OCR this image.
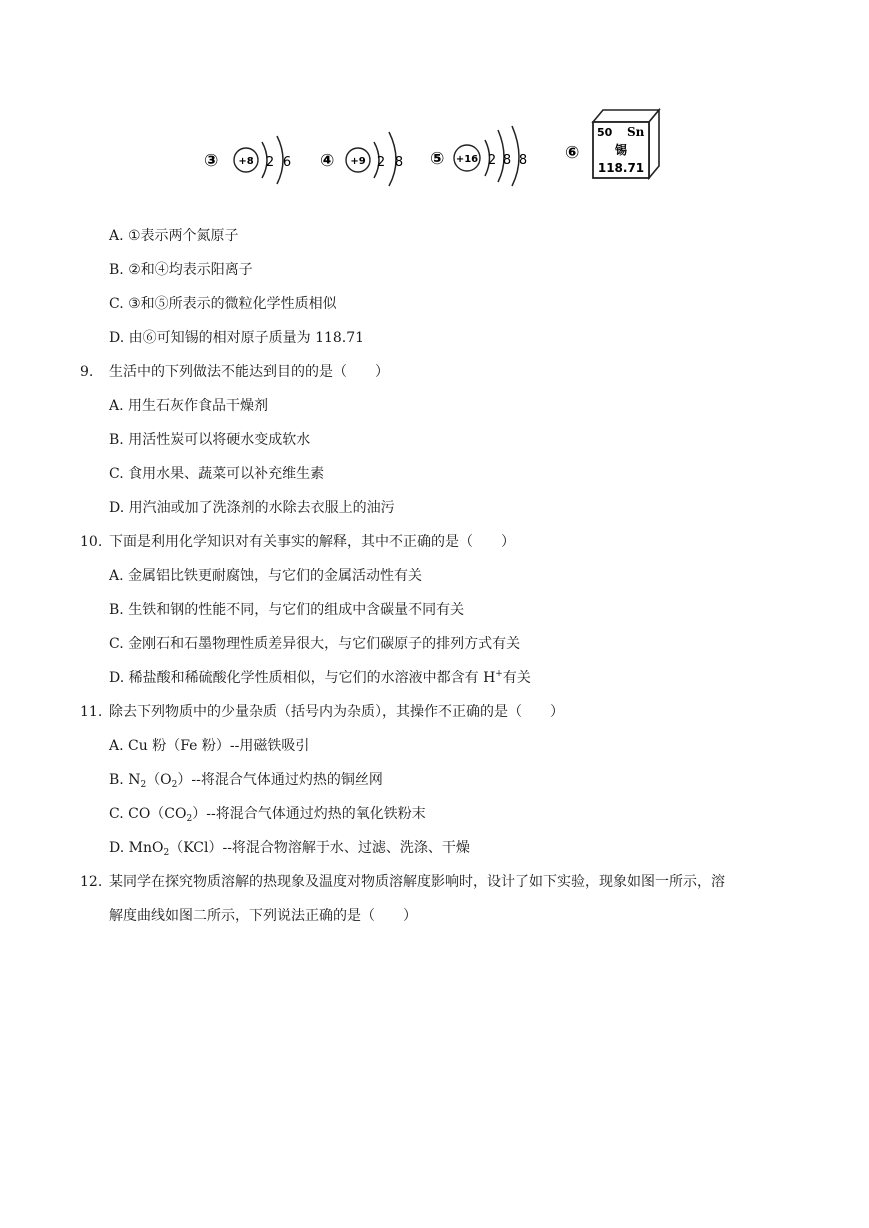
③ +8 2 6 ④ +9 2 8 ⑤ +16 2 8 8 ⑥
50 Sn
锡
118.71
A. ①表示两个氮原子
B. ②和④均表示阳离子
C. ③和⑤所表示的微粒化学性质相似
D. 由⑥可知锡的相对原子质量为 118.71
9. 生活中的下列做法不能达到目的的是（　　）
A. 用生石灰作食品干燥剂
B. 用活性炭可以将硬水变成软水
C. 食用水果、蔬菜可以补充维生素
D. 用汽油或加了洗涤剂的水除去衣服上的油污
10. 下面是利用化学知识对有关事实的解释，其中不正确的是（　　）
A. 金属铝比铁更耐腐蚀，与它们的金属活动性有关
B. 生铁和钢的性能不同，与它们的组成中含碳量不同有关
C. 金刚石和石墨物理性质差异很大，与它们碳原子的排列方式有关
D. 稀盐酸和稀硫酸化学性质相似，与它们的水溶液中都含有 H+有关
11. 除去下列物质中的少量杂质（括号内为杂质），其操作不正确的是（　　）
A. Cu 粉（Fe 粉）--用磁铁吸引
B. $N_2(O_2)--$将混合气体通过灼热的铜丝网
C. $CO(CO_2)--$将混合气体通过灼热的氧化铁粉末
D. MnO$_2$（KCl）--将混合物溶解于水、过滤、洗涤、干燥
12. 某同学在探究物质溶解的热现象及温度对物质溶解度影响时，设计了如下实验，现象如图一所示，溶
解度曲线如图二所示，下列说法正确的是（　　）
